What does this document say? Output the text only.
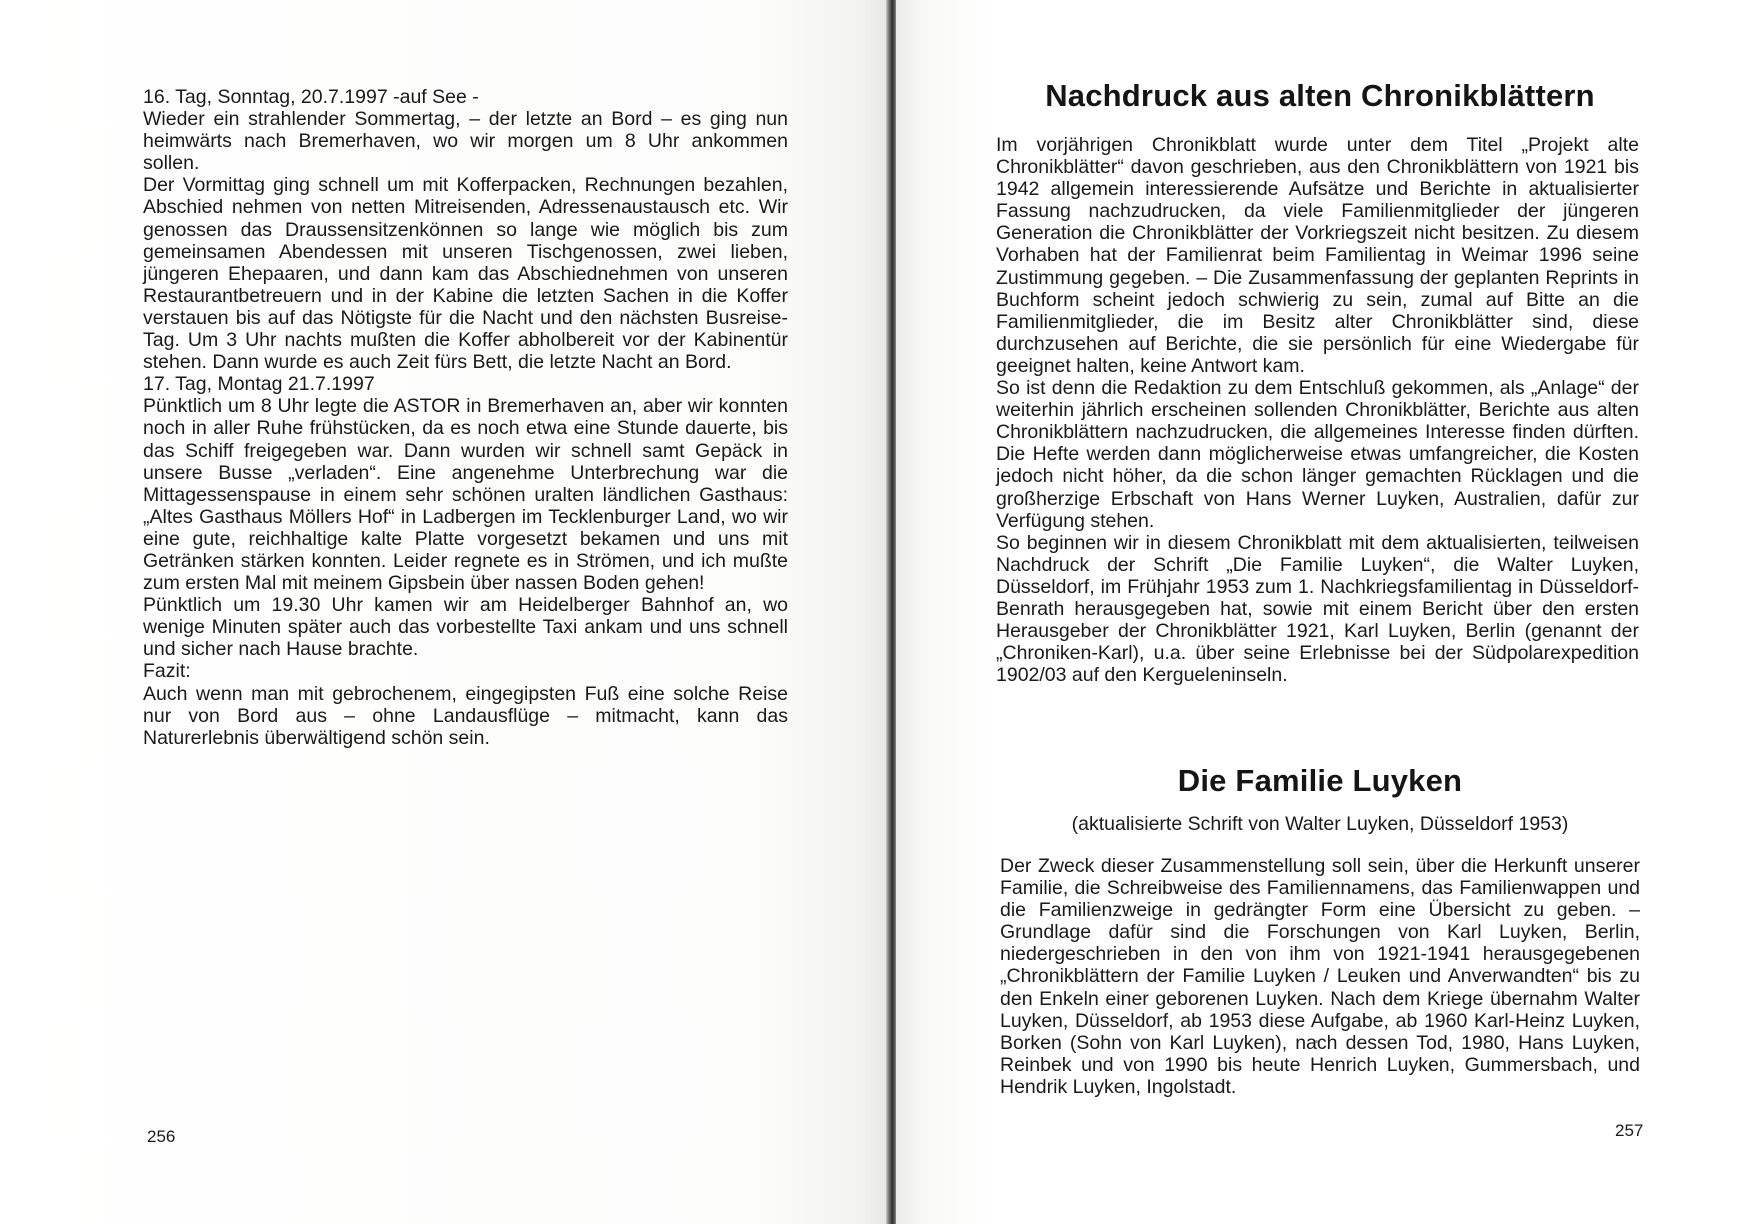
16. Tag, Sonntag, 20.7.1997 -auf See -

Wieder ein strahlender Sommertag, – der letzte an Bord – es ging nun heimwärts nach Bremerhaven, wo wir morgen um 8 Uhr ankommen sollen.

Der Vormittag ging schnell um mit Kofferpacken, Rechnungen bezahlen, Abschied nehmen von netten Mitreisenden, Adressenaustausch etc. Wir genossen das Draussensitzenkönnen so lange wie möglich bis zum gemeinsamen Abendessen mit unseren Tischgenossen, zwei lieben, jüngeren Ehepaaren, und dann kam das Abschiednehmen von unseren Restaurantbetreuern und in der Kabine die letzten Sachen in die Koffer verstauen bis auf das Nötigste für die Nacht und den nächsten Busreise-Tag. Um 3 Uhr nachts mußten die Koffer abholbereit vor der Kabinentür stehen. Dann wurde es auch Zeit fürs Bett, die letzte Nacht an Bord.

17. Tag, Montag 21.7.1997

Pünktlich um 8 Uhr legte die ASTOR in Bremerhaven an, aber wir konnten noch in aller Ruhe frühstücken, da es noch etwa eine Stunde dauerte, bis das Schiff freigegeben war. Dann wurden wir schnell samt Gepäck in unsere Busse „verladen“. Eine angenehme Unterbrechung war die Mittagessenspause in einem sehr schönen uralten ländlichen Gasthaus: „Altes Gasthaus Möllers Hof“ in Ladbergen im Tecklenburger Land, wo wir eine gute, reichhaltige kalte Platte vorgesetzt bekamen und uns mit Getränken stärken konnten. Leider regnete es in Strömen, und ich mußte zum ersten Mal mit meinem Gipsbein über nassen Boden gehen!

Pünktlich um 19.30 Uhr kamen wir am Heidelberger Bahnhof an, wo wenige Minuten später auch das vorbestellte Taxi ankam und uns schnell und sicher nach Hause brachte.

Fazit:

Auch wenn man mit gebrochenem, eingegipsten Fuß eine solche Reise nur von Bord aus – ohne Landausflüge – mitmacht, kann das Naturerlebnis überwältigend schön sein.

256
Nachdruck aus alten Chronikblättern

Im vorjährigen Chronikblatt wurde unter dem Titel „Projekt alte Chronikblätter“ davon geschrieben, aus den Chronikblättern von 1921 bis 1942 allgemein interessierende Aufsätze und Berichte in aktualisierter Fassung nachzudrucken, da viele Familienmitglieder der jüngeren Generation die Chronikblätter der Vorkriegszeit nicht besitzen. Zu diesem Vorhaben hat der Familienrat beim Familientag in Weimar 1996 seine Zustimmung gegeben. – Die Zusammenfassung der geplanten Reprints in Buchform scheint jedoch schwierig zu sein, zumal auf Bitte an die Familienmitglieder, die im Besitz alter Chronikblätter sind, diese durchzusehen auf Berichte, die sie persönlich für eine Wiedergabe für geeignet halten, keine Antwort kam.

So ist denn die Redaktion zu dem Entschluß gekommen, als „Anlage“ der weiterhin jährlich erscheinen sollenden Chronikblätter, Berichte aus alten Chronikblättern nachzudrucken, die allgemeines Interesse finden dürften. Die Hefte werden dann möglicherweise etwas umfangreicher, die Kosten jedoch nicht höher, da die schon länger gemachten Rücklagen und die großherzige Erbschaft von Hans Werner Luyken, Australien, dafür zur Verfügung stehen.

So beginnen wir in diesem Chronikblatt mit dem aktualisierten, teilweisen Nachdruck der Schrift „Die Familie Luyken“, die Walter Luyken, Düsseldorf, im Frühjahr 1953 zum 1. Nachkriegsfamilientag in Düsseldorf-Benrath herausgegeben hat, sowie mit einem Bericht über den ersten Herausgeber der Chronikblätter 1921, Karl Luyken, Berlin (genannt der „Chroniken-Karl), u.a. über seine Erlebnisse bei der Südpolarexpedition 1902/03 auf den Kergueleninseln.

Die Familie Luyken
(aktualisierte Schrift von Walter Luyken, Düsseldorf 1953)

Der Zweck dieser Zusammenstellung soll sein, über die Herkunft unserer Familie, die Schreibweise des Familiennamens, das Familienwappen und die Familienzweige in gedrängter Form eine Übersicht zu geben. – Grundlage dafür sind die Forschungen von Karl Luyken, Berlin, niedergeschrieben in den von ihm von 1921-1941 herausgegebenen „Chronikblättern der Familie Luyken / Leuken und Anverwandten“ bis zu den Enkeln einer geborenen Luyken. Nach dem Kriege übernahm Walter Luyken, Düsseldorf, ab 1953 diese Aufgabe, ab 1960 Karl-Heinz Luyken, Borken (Sohn von Karl Luyken), nach dessen Tod, 1980, Hans Luyken, Reinbek und von 1990 bis heute Henrich Luyken, Gummersbach, und Hendrik Luyken, Ingolstadt.

257
